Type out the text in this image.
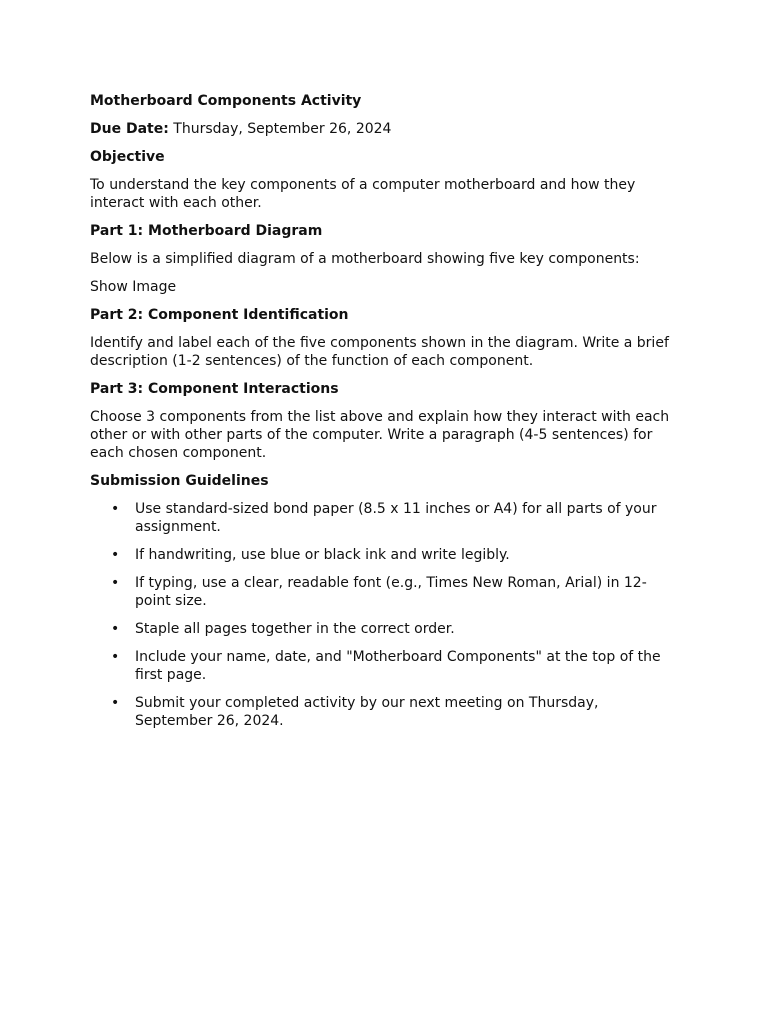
Motherboard Components Activity

Due Date: Thursday, September 26, 2024

Objective

To understand the key components of a computer motherboard and how they interact with each other.

Part 1: Motherboard Diagram

Below is a simplified diagram of a motherboard showing five key components:

Show Image

Part 2: Component Identification

Identify and label each of the five components shown in the diagram. Write a brief description (1-2 sentences) of the function of each component.

Part 3: Component Interactions

Choose 3 components from the list above and explain how they interact with each other or with other parts of the computer. Write a paragraph (4-5 sentences) for each chosen component.

Submission Guidelines

• Use standard-sized bond paper (8.5 x 11 inches or A4) for all parts of your assignment.
• If handwriting, use blue or black ink and write legibly.
• If typing, use a clear, readable font (e.g., Times New Roman, Arial) in 12-point size.
• Staple all pages together in the correct order.
• Include your name, date, and "Motherboard Components" at the top of the first page.
• Submit your completed activity by our next meeting on Thursday, September 26, 2024.
